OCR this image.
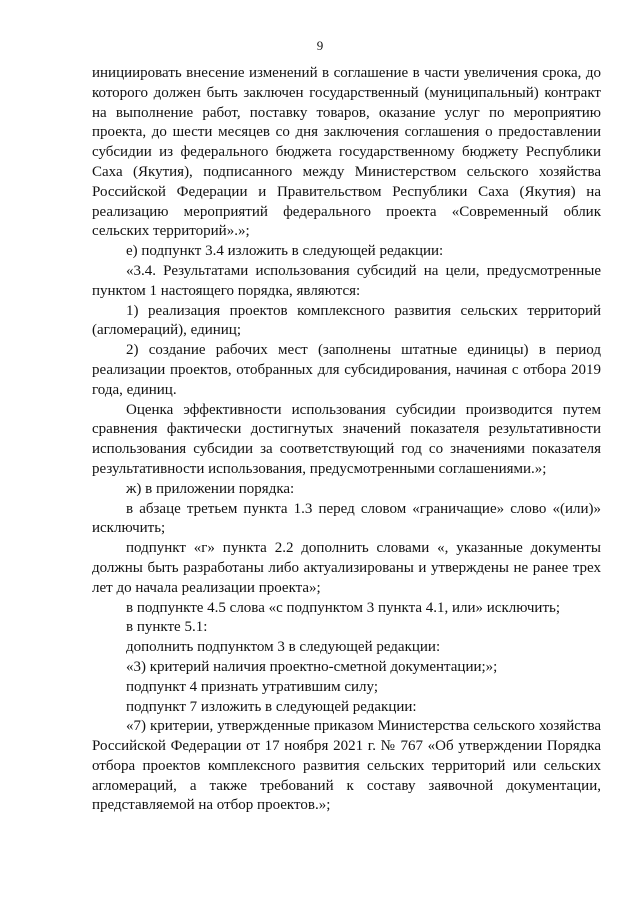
9

инициировать внесение изменений в соглашение в части увеличения срока, до которого должен быть заключен государственный (муниципальный) контракт на выполнение работ, поставку товаров, оказание услуг по мероприятию проекта, до шести месяцев со дня заключения соглашения о предоставлении субсидии из федерального бюджета государственному бюджету Республики Саха (Якутия), подписанного между Министерством сельского хозяйства Российской Федерации и Правительством Республики Саха (Якутия) на реализацию мероприятий федерального проекта «Современный облик сельских территорий».»;

е) подпункт 3.4 изложить в следующей редакции:

«3.4. Результатами использования субсидий на цели, предусмотренные пунктом 1 настоящего порядка, являются:

1) реализация проектов комплексного развития сельских территорий (агломераций), единиц;

2) создание рабочих мест (заполнены штатные единицы) в период реализации проектов, отобранных для субсидирования, начиная с отбора 2019 года, единиц.

Оценка эффективности использования субсидии производится путем сравнения фактически достигнутых значений показателя результативности использования субсидии за соответствующий год со значениями показателя результативности использования, предусмотренными соглашениями.»;

ж) в приложении порядка:

в абзаце третьем пункта 1.3 перед словом «граничащие» слово «(или)» исключить;

подпункт «г» пункта 2.2 дополнить словами «, указанные документы должны быть разработаны либо актуализированы и утверждены не ранее трех лет до начала реализации проекта»;

в подпункте 4.5 слова «с подпунктом 3 пункта 4.1, или» исключить;

в пункте 5.1:

дополнить подпунктом 3 в следующей редакции:

«3) критерий наличия проектно-сметной документации;»;

подпункт 4 признать утратившим силу;

подпункт 7 изложить в следующей редакции:

«7) критерии, утвержденные приказом Министерства сельского хозяйства Российской Федерации от 17 ноября 2021 г. № 767 «Об утверждении Порядка отбора проектов комплексного развития сельских территорий или сельских агломераций, а также требований к составу заявочной документации, представляемой на отбор проектов.»;
